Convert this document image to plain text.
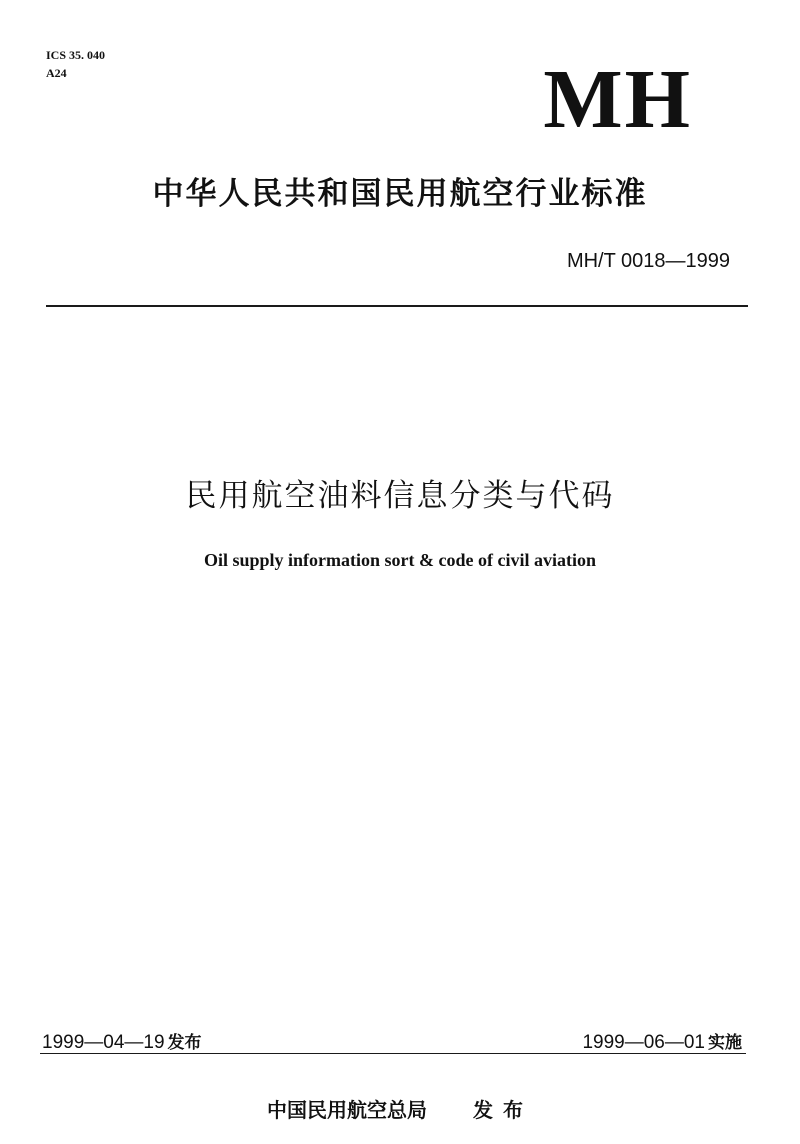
ICS 35. 040
A24	MH
中华人民共和国民用航空行业标准
MH/T 0018—1999
民用航空油料信息分类与代码
Oil supply information sort & code of civil aviation
1999—04—19 发布	1999—06—01 实施
中国民用航空总局 发布
